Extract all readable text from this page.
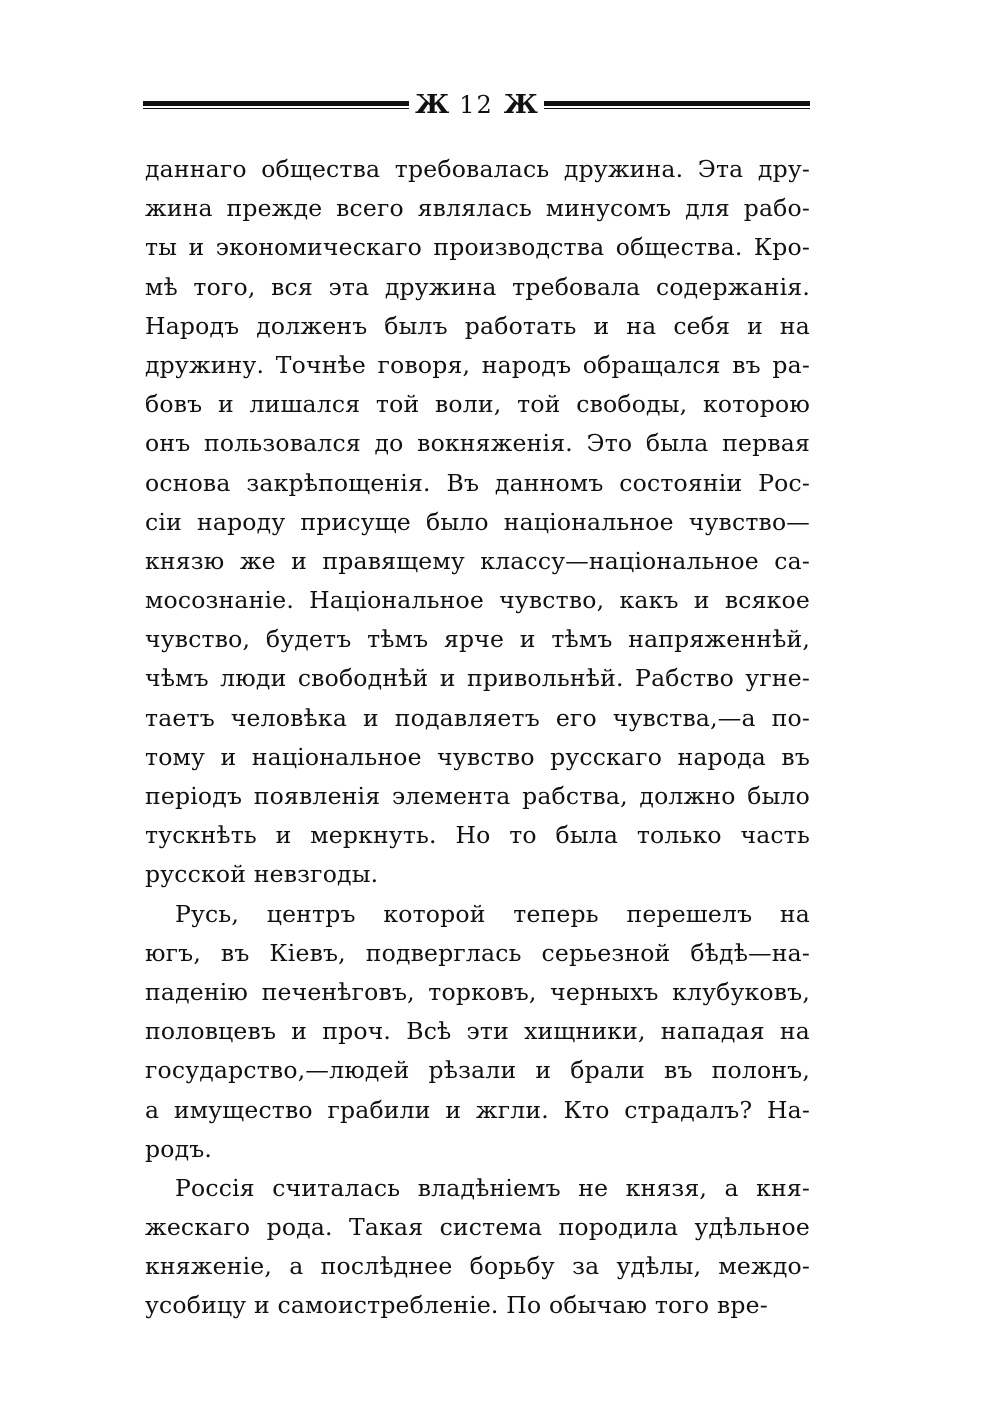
Ж 12 Ж
даннаго общества требовалась дружина. Эта дру-
жина прежде всего являлась минусомъ для рабо-
ты и экономическаго производства общества. Кро-
мѣ того, вся эта дружина требовала содержанія.
Народъ долженъ былъ работать и на себя и на
дружину. Точнѣе говоря, народъ обращался въ ра-
бовъ и лишался той воли, той свободы, которою
онъ пользовался до вокняженія. Это была первая
основа закрѣпощенія. Въ данномъ состояніи Рос-
сіи народу присуще было національное чувство—
князю же и правящему классу—національное са-
мосознаніе. Національное чувство, какъ и всякое
чувство, будетъ тѣмъ ярче и тѣмъ напряженнѣй,
чѣмъ люди свободнѣй и привольнѣй. Рабство угне-
таетъ человѣка и подавляетъ его чувства,—а по-
тому и національное чувство русскаго народа въ
періодъ появленія элемента рабства, должно было
тускнѣть и меркнуть. Но то была только часть
русской невзгоды.
Русь, центръ которой теперь перешелъ на
югъ, въ Кіевъ, подверглась серьезной бѣдѣ—на-
паденію печенѣговъ, торковъ, черныхъ клубуковъ,
половцевъ и проч. Всѣ эти хищники, нападая на
государство,—людей рѣзали и брали въ полонъ,
а имущество грабили и жгли. Кто страдалъ? На-
родъ.
Россія считалась владѣніемъ не князя, а кня-
жескаго рода. Такая система породила удѣльное
княженіе, а послѣднее борьбу за удѣлы, междо-
усобицу и самоистребленіе. По обычаю того вре-
